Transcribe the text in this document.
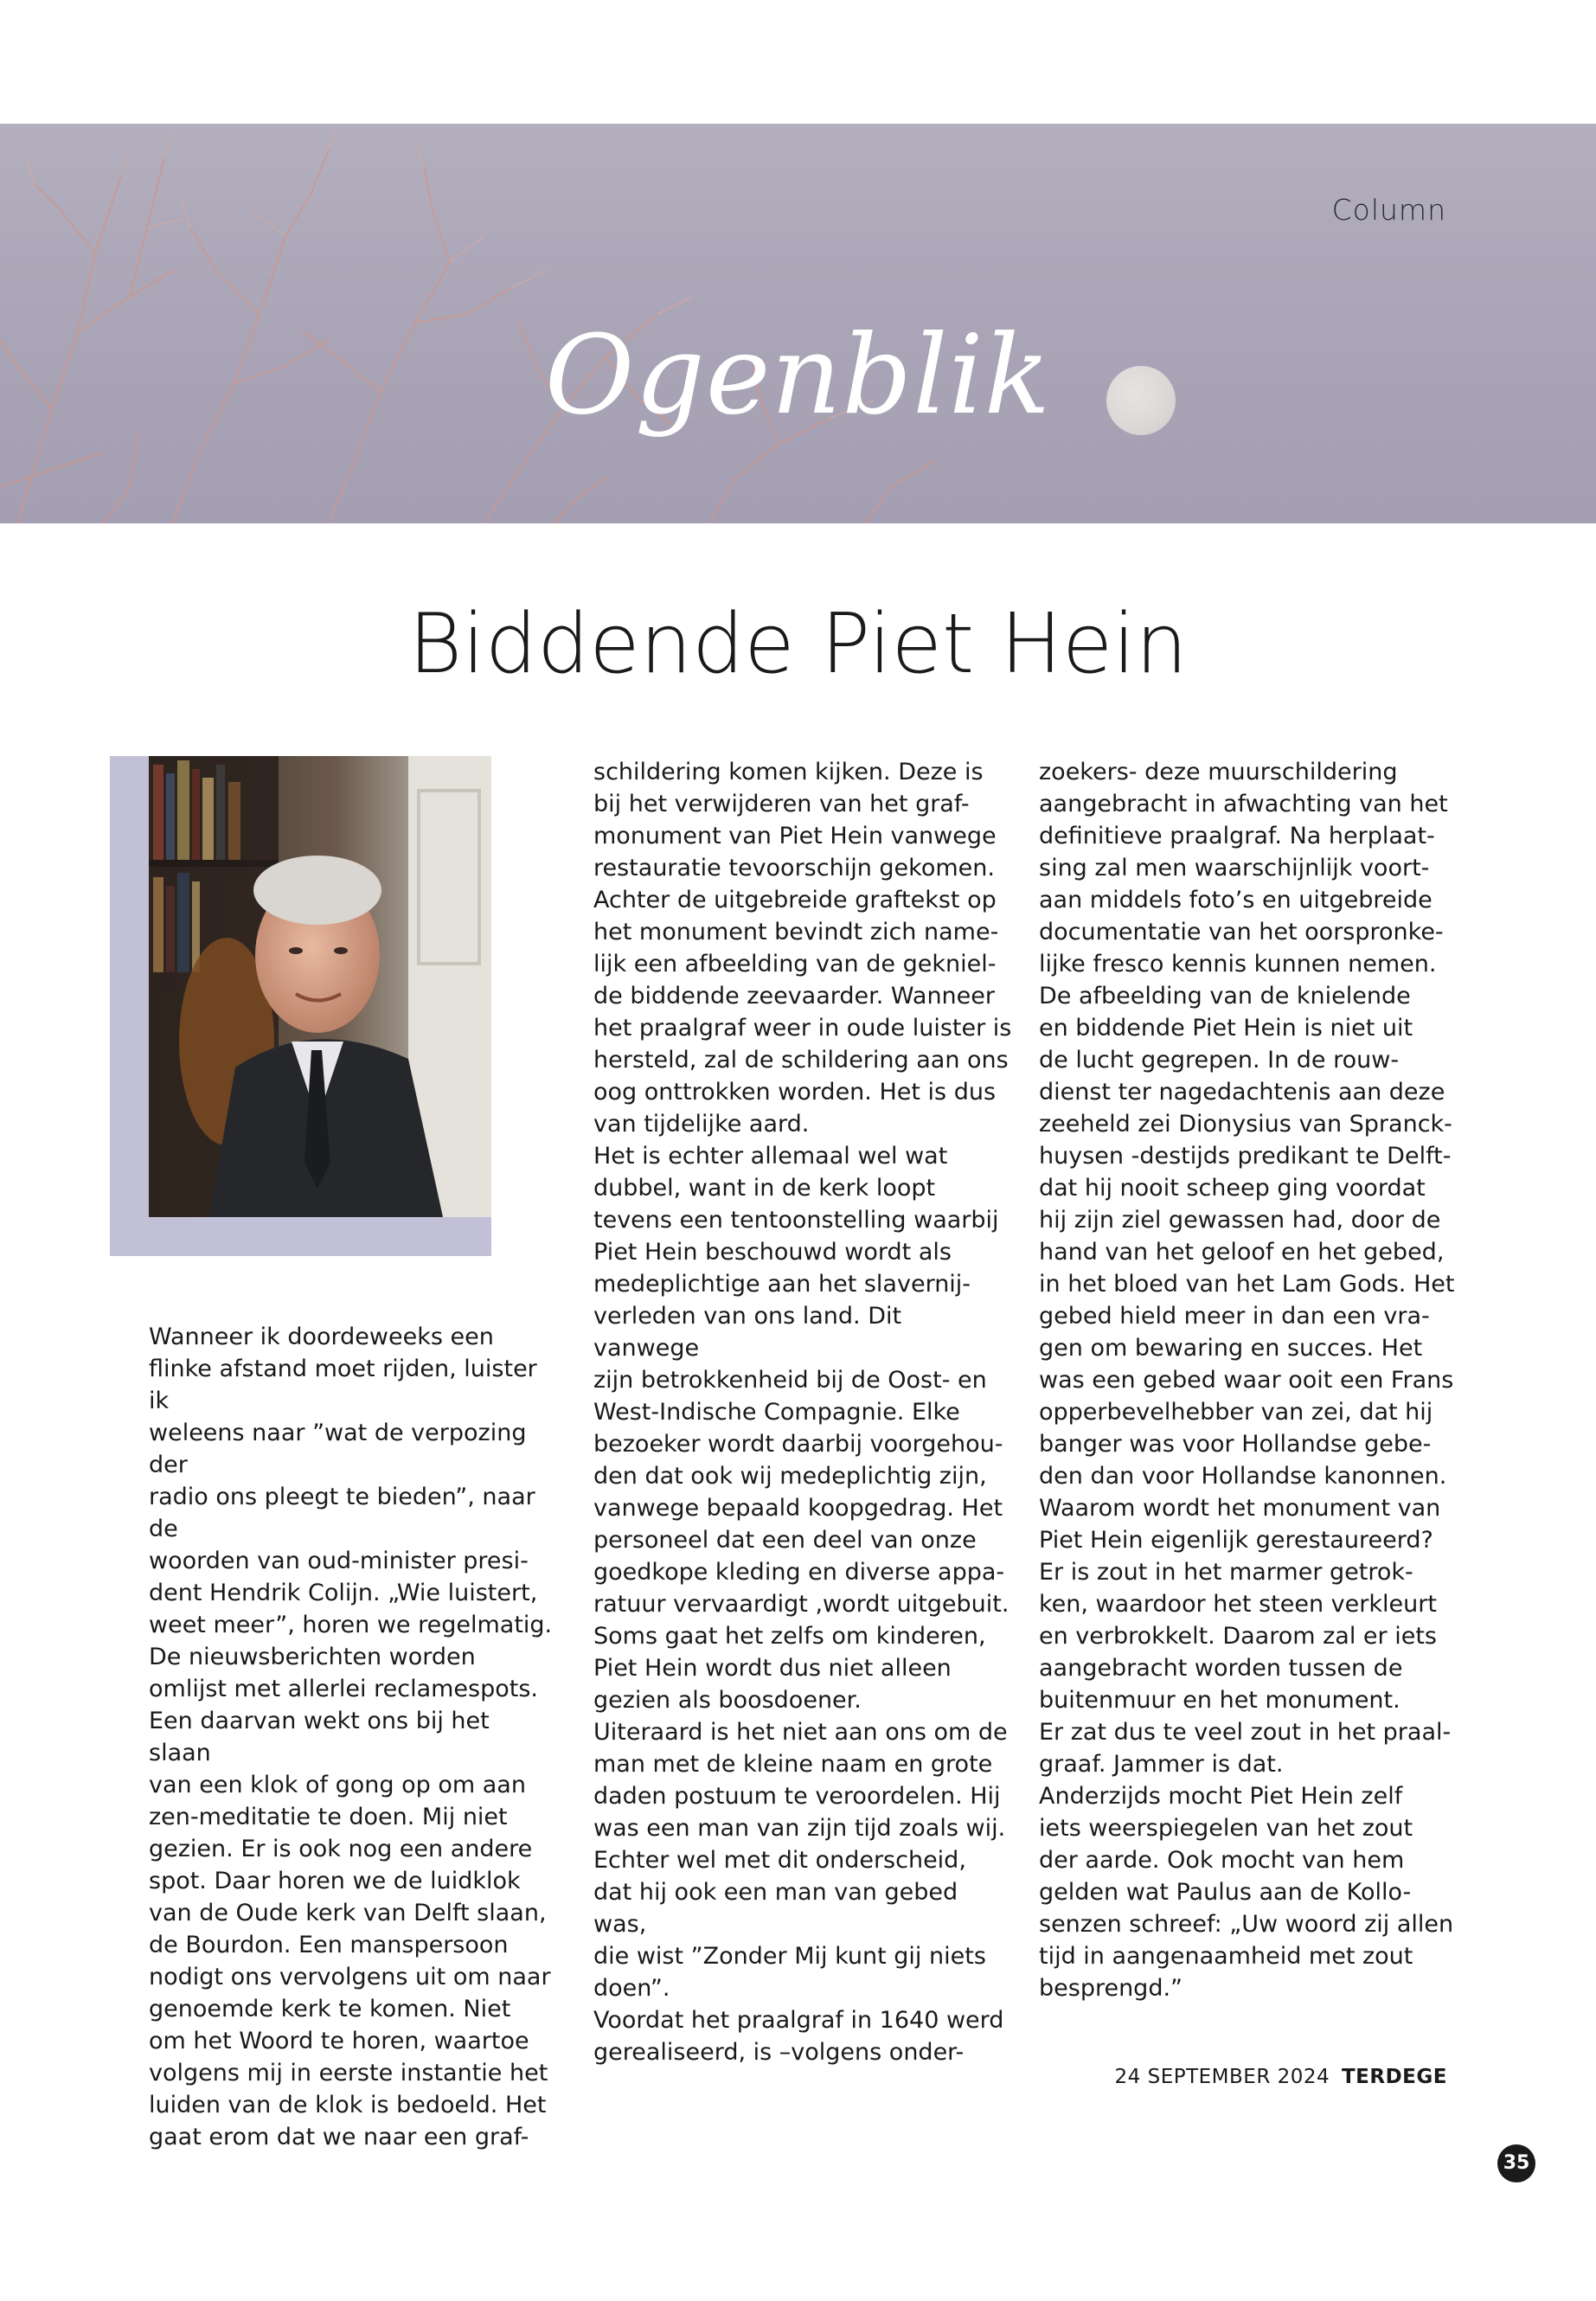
Column
Ogenblik
Biddende Piet Hein

Wanneer ik doordeweeks een
flinke afstand moet rijden, luister ik
weleens naar ”wat de verpozing der
radio ons pleegt te bieden”, naar de
woorden van oud-minister presi-
dent Hendrik Colijn. „Wie luistert,
weet meer”, horen we regelmatig.
De nieuwsberichten worden
omlijst met allerlei reclamespots.
Een daarvan wekt ons bij het slaan
van een klok of gong op om aan
zen-meditatie te doen. Mij niet
gezien. Er is ook nog een andere
spot. Daar horen we de luidklok
van de Oude kerk van Delft slaan,
de Bourdon. Een manspersoon
nodigt ons vervolgens uit om naar
genoemde kerk te komen. Niet
om het Woord te horen, waartoe
volgens mij in eerste instantie het
luiden van de klok is bedoeld. Het
gaat erom dat we naar een graf-

schildering komen kijken. Deze is
bij het verwijderen van het graf-
monument van Piet Hein vanwege
restauratie tevoorschijn gekomen.
Achter de uitgebreide graftekst op
het monument bevindt zich name-
lijk een afbeelding van de gekniel-
de biddende zeevaarder. Wanneer
het praalgraf weer in oude luister is
hersteld, zal de schildering aan ons
oog onttrokken worden. Het is dus
van tijdelijke aard.
Het is echter allemaal wel wat
dubbel, want in de kerk loopt
tevens een tentoonstelling waarbij
Piet Hein beschouwd wordt als
medeplichtige aan het slavernij-
verleden van ons land. Dit vanwege
zijn betrokkenheid bij de Oost- en
West-Indische Compagnie. Elke
bezoeker wordt daarbij voorgehou-
den dat ook wij medeplichtig zijn,
vanwege bepaald koopgedrag. Het
personeel dat een deel van onze
goedkope kleding en diverse appa-
ratuur vervaardigt ,wordt uitgebuit.
Soms gaat het zelfs om kinderen,
Piet Hein wordt dus niet alleen
gezien als boosdoener.
Uiteraard is het niet aan ons om de
man met de kleine naam en grote
daden postuum te veroordelen. Hij
was een man van zijn tijd zoals wij.
Echter wel met dit onderscheid,
dat hij ook een man van gebed was,
die wist ”Zonder Mij kunt gij niets
doen”.
Voordat het praalgraf in 1640 werd
gerealiseerd, is –volgens onder-

zoekers- deze muurschildering
aangebracht in afwachting van het
definitieve praalgraf. Na herplaat-
sing zal men waarschijnlijk voort-
aan middels foto’s en uitgebreide
documentatie van het oorspronke-
lijke fresco kennis kunnen nemen.
De afbeelding van de knielende
en biddende Piet Hein is niet uit
de lucht gegrepen. In de rouw-
dienst ter nagedachtenis aan deze
zeeheld zei Dionysius van Spranck-
huysen -destijds predikant te Delft-
dat hij nooit scheep ging voordat
hij zijn ziel gewassen had, door de
hand van het geloof en het gebed,
in het bloed van het Lam Gods. Het
gebed hield meer in dan een vra-
gen om bewaring en succes. Het
was een gebed waar ooit een Frans
opperbevelhebber van zei, dat hij
banger was voor Hollandse gebe-
den dan voor Hollandse kanonnen.
Waarom wordt het monument van
Piet Hein eigenlijk gerestaureerd?
Er is zout in het marmer getrok-
ken, waardoor het steen verkleurt
en verbrokkelt. Daarom zal er iets
aangebracht worden tussen de
buitenmuur en het monument.
Er zat dus te veel zout in het praal-
graaf. Jammer is dat.
Anderzijds mocht Piet Hein zelf
iets weerspiegelen van het zout
der aarde. Ook mocht van hem
gelden wat Paulus aan de Kollo-
senzen schreef: „Uw woord zij allen
tijd in aangenaamheid met zout
besprengd.”

24 SEPTEMBER 2024 TERDEGE
35
